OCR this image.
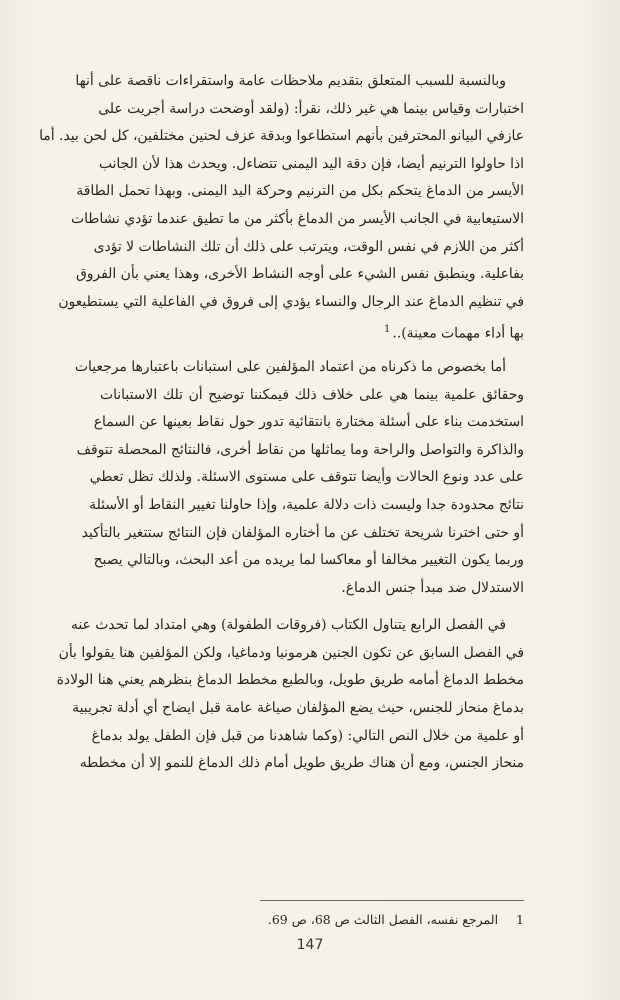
وبالنسبة للسبب المتعلق بتقديم ملاحظات عامة واستقراءات ناقصة على أنها
اختبارات وقياس بينما هي غير ذلك، نقرأ: (ولقد أوضحت دراسة أجريت على
عازفي البيانو المحترفين بأنهم استطاعوا وبدقة عزف لحنين مختلفين، كل لحن بيد. أما
اذا حاولوا الترنيم أيضا، فإن دقة اليد اليمنى تتضاءل. ويحدث هذا لأن الجانب
الأيسر من الدماغ يتحكم بكل من الترنيم وحركة اليد اليمنى. وبهذا تحمل الطاقة
الاستيعابية في الجانب الأيسر من الدماغ بأكثر من ما تطيق عندما تؤدي نشاطات
أكثر من اللازم في نفس الوقت، ويترتب على ذلك أن تلك النشاطات لا تؤدى
بفاعلية. وينطبق نفس الشيء على أوجه النشاط الأخرى، وهذا يعني بأن الفروق
في تنظيم الدماغ عند الرجال والنساء يؤدي إلى فروق في الفاعلية التي يستطيعون
بها أداء مهمات معينة)..$^1$
أما بخصوص ما ذكرناه من اعتماد المؤلفين على استبانات باعتبارها مرجعيات
وحقائق علمية بينما هي على خلاف ذلك فيمكننا توضيح أن تلك الاستبانات
استخدمت بناء على أسئلة مختارة بانتقائية تدور حول نقاط بعينها عن السماع
والذاكرة والتواصل والراحة وما يماثلها من نقاط أخرى، فالنتائج المحصلة تتوقف
على عدد ونوع الحالات وأيضا تتوقف على مستوى الاسئلة. ولذلك تظل تعطي
نتائج محدودة جدا وليست ذات دلالة علمية، وإذا حاولنا تغيير النقاط أو الأسئلة
أو حتى اخترنا شريحة تختلف عن ما أختاره المؤلفان فإن النتائج ستتغير بالتأكيد
وربما يكون التغيير مخالفا أو معاكسا لما يريده من أعد البحث، وبالتالي يصبح
الاستدلال ضد مبدأ جنس الدماغ.
في الفصل الرابع يتناول الكتاب (فروقات الطفولة) وهي امتداد لما تحدث عنه
في الفصل السابق عن تكون الجنين هرمونيا ودماغيا، ولكن المؤلفين هنا يقولوا بأن
مخطط الدماغ أمامه طريق طويل، وبالطبع مخطط الدماغ بنظرهم يعني هنا الولادة
بدماغ منحاز للجنس، حيث يضع المؤلفان صياغة عامة قبل ايضاح أي أدلة تجريبية
أو علمية من خلال النص التالي: (وكما شاهدنا من قبل فإن الطفل يولد بدماغ
منحاز الجنس، ومع أن هناك طريق طويل أمام ذلك الدماغ للنمو إلا أن مخططه
1 المرجع نفسه، الفصل الثالث ص 68، ص 69.
147
